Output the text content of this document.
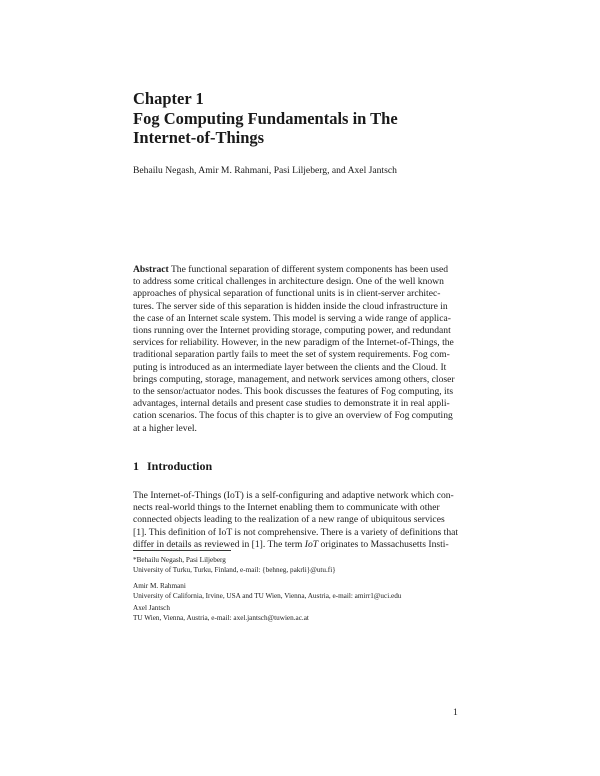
Chapter 1
Fog Computing Fundamentals in The
Internet-of-Things
Behailu Negash, Amir M. Rahmani, Pasi Liljeberg, and Axel Jantsch
Abstract The functional separation of different system components has been used
to address some critical challenges in architecture design. One of the well known
approaches of physical separation of functional units is in client-server architec-
tures. The server side of this separation is hidden inside the cloud infrastructure in
the case of an Internet scale system. This model is serving a wide range of applica-
tions running over the Internet providing storage, computing power, and redundant
services for reliability. However, in the new paradigm of the Internet-of-Things, the
traditional separation partly fails to meet the set of system requirements. Fog com-
puting is introduced as an intermediate layer between the clients and the Cloud. It
brings computing, storage, management, and network services among others, closer
to the sensor/actuator nodes. This book discusses the features of Fog computing, its
advantages, internal details and present case studies to demonstrate it in real appli-
cation scenarios. The focus of this chapter is to give an overview of Fog computing
at a higher level.
1 Introduction
The Internet-of-Things (IoT) is a self-configuring and adaptive network which con-
nects real-world things to the Internet enabling them to communicate with other
connected objects leading to the realization of a new range of ubiquitous services
[1]. This definition of IoT is not comprehensive. There is a variety of definitions that
differ in details as reviewed in [1]. The term IoT originates to Massachusetts Insti-
*Behailu Negash, Pasi Liljeberg
University of Turku, Turku, Finland, e-mail: {behneg, pakrli}@utu.fi}
Amir M. Rahmani
University of California, Irvine, USA and TU Wien, Vienna, Austria, e-mail: amirr1@uci.edu
Axel Jantsch
TU Wien, Vienna, Austria, e-mail: axel.jantsch@tuwien.ac.at
1
